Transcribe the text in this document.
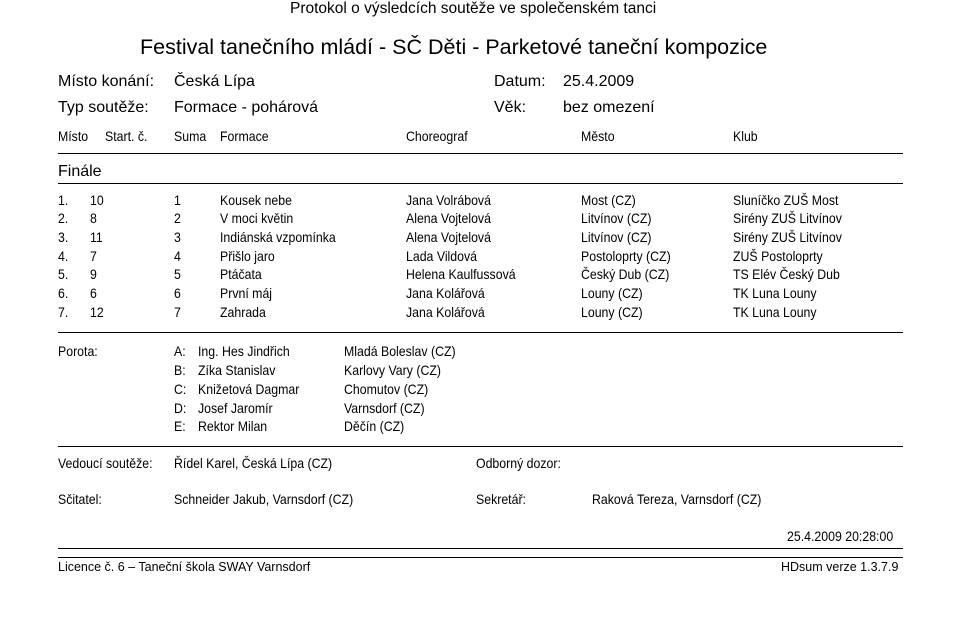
Protokol o výsledcích soutěže ve společenském tanci
Festival tanečního mládí - SČ Děti - Parketové taneční kompozice
Místo konání: Česká Lípa	Datum: 25.4.2009
Typ soutěže: Formace - pohárová	Věk: bez omezení
Místo Start. č. Suma Formace	Choreograf	Město	Klub
Finále
1. 10	1	Kousek nebe	Jana Volrábová	Most (CZ)	Sluníčko ZUŠ Most
2. 8	2	V moci květin	Alena Vojtelová	Litvínov (CZ)	Sirény ZUŠ Litvínov
3. 11	3	Indiánská vzpomínka	Alena Vojtelová	Litvínov (CZ)	Sirény ZUŠ Litvínov
4. 7	4	Přišlo jaro	Lada Vildová	Postoloprty (CZ)	ZUŠ Postoloprty
5. 9	5	Ptáčata	Helena Kaulfussová	Český Dub (CZ)	TS Elév Český Dub
6. 6	6	První máj	Jana Kolářová	Louny (CZ)	TK Luna Louny
7. 12	7	Zahrada	Jana Kolářová	Louny (CZ)	TK Luna Louny
Porota:	A: Ing. Hes Jindřich	Mladá Boleslav (CZ)
B: Zíka Stanislav	Karlovy Vary (CZ)
C: Knižetová Dagmar	Chomutov (CZ)
D: Josef Jaromír	Varnsdorf (CZ)
E: Rektor Milan	Děčín (CZ)
Vedoucí soutěže: Řídel Karel, Česká Lípa (CZ)	Odborný dozor:
Sčitatel:	Schneider Jakub, Varnsdorf (CZ)	Sekretář:	Raková Tereza, Varnsdorf (CZ)
25.4.2009 20:28:00
Licence č. 6 – Taneční škola SWAY Varnsdorf	HDsum verze 1.3.7.9
